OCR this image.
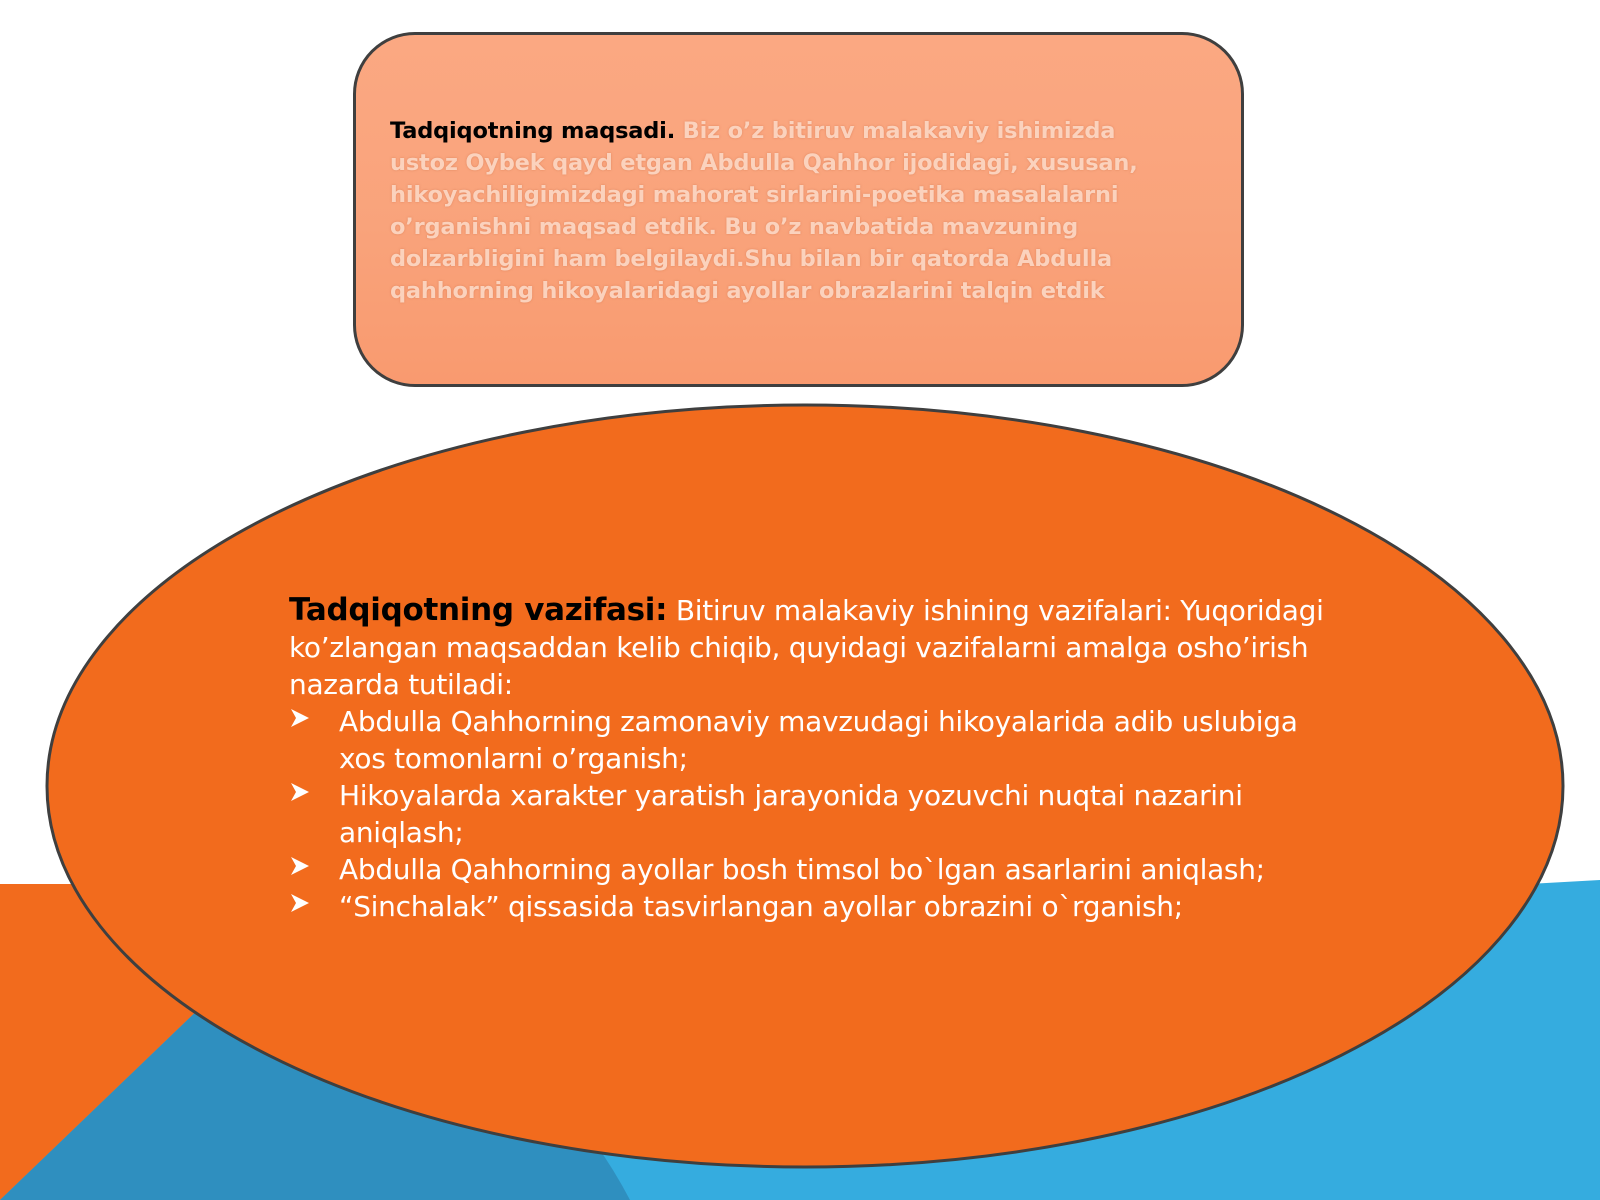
Tadqiqotning maqsadi. Biz o’z bitiruv malakaviy ishimizda ustoz Oybek qayd etgan Abdulla Qahhor ijodidagi, xususan, hikoyachiligimizdagi mahorat sirlarini-poetika masalalarni o’rganishni maqsad etdik. Bu o’z navbatida mavzuning dolzarbligini ham belgilaydi.Shu bilan bir qatorda Abdulla qahhorning hikoyalaridagi ayollar obrazlarini talqin etdik

Tadqiqotning vazifasi: Bitiruv malakaviy ishining vazifalari: Yuqoridagi ko’zlangan maqsaddan kelib chiqib, quyidagi vazifalarni amalga osho’irish nazarda tutiladi:

Abdulla Qahhorning zamonaviy mavzudagi hikoyalarida adib uslubiga xos tomonlarni o’rganish;
Hikoyalarda xarakter yaratish jarayonida yozuvchi nuqtai nazarini aniqlash;
Abdulla Qahhorning ayollar bosh timsol bo`lgan asarlarini aniqlash;
“Sinchalak” qissasida tasvirlangan ayollar obrazini o`rganish;
